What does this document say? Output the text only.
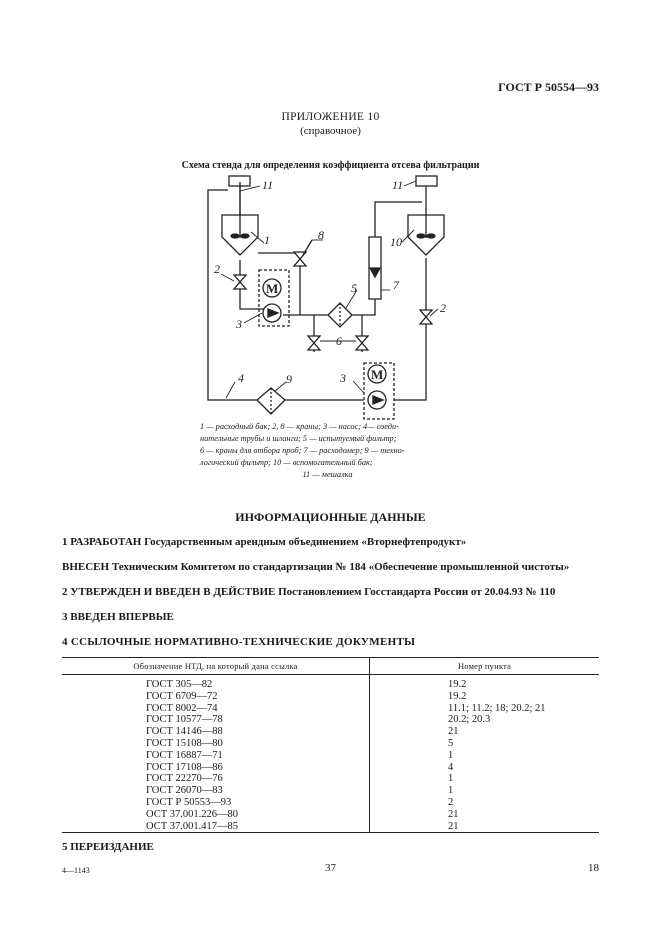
ГОСТ Р 50554—93
ПРИЛОЖЕНИЕ 10
(справочное)
Схема стенда для определения коэффициента отсева фильтрации
M
M
11
1
2
3
8
5	7
6
9
4	3
10
11
2
1 — расходный бак; 2, 8 — краны; 3 — насос; 4— соеди-
нительные трубы и шланги; 5 — испытуемый фильтр;
6 — краны для отбора проб; 7 — расходомер; 9 — техно-
логический фильтр; 10 — вспомогательный бак;
11 — мешалка
ИНФОРМАЦИОННЫЕ ДАННЫЕ
1 РАЗРАБОТАН Государственным арендным объединением «Вторнефтепродукт»
ВНЕСЕН Техническим Комитетом по стандартизации № 184 «Обеспечение промышленной чистоты»
2 УТВЕРЖДЕН И ВВЕДЕН В ДЕЙСТВИЕ Постановлением Госстандарта России от 20.04.93 № 110
3 ВВЕДЕН ВПЕРВЫЕ
4 ССЫЛОЧНЫЕ НОРМАТИВНО-ТЕХНИЧЕСКИЕ ДОКУМЕНТЫ
Обозначение НТД, на который дана ссылка	Номер пункта
ГОСТ 305—82	19.2
ГОСТ 6709—72	19.2
ГОСТ 8002—74	11.1; 11.2; 18; 20.2; 21
ГОСТ 10577—78	20.2; 20.3
ГОСТ 14146—88	21
ГОСТ 15108—80	5
ГОСТ 16887—71	1
ГОСТ 17108—86	4
ГОСТ 22270—76	1
ГОСТ 26070—83	1
ГОСТ Р 50553—93	2
ОСТ 37.001.226—80	21
ОСТ 37.001.417—85	21
5 ПЕРЕИЗДАНИЕ
4—1143	37	18
